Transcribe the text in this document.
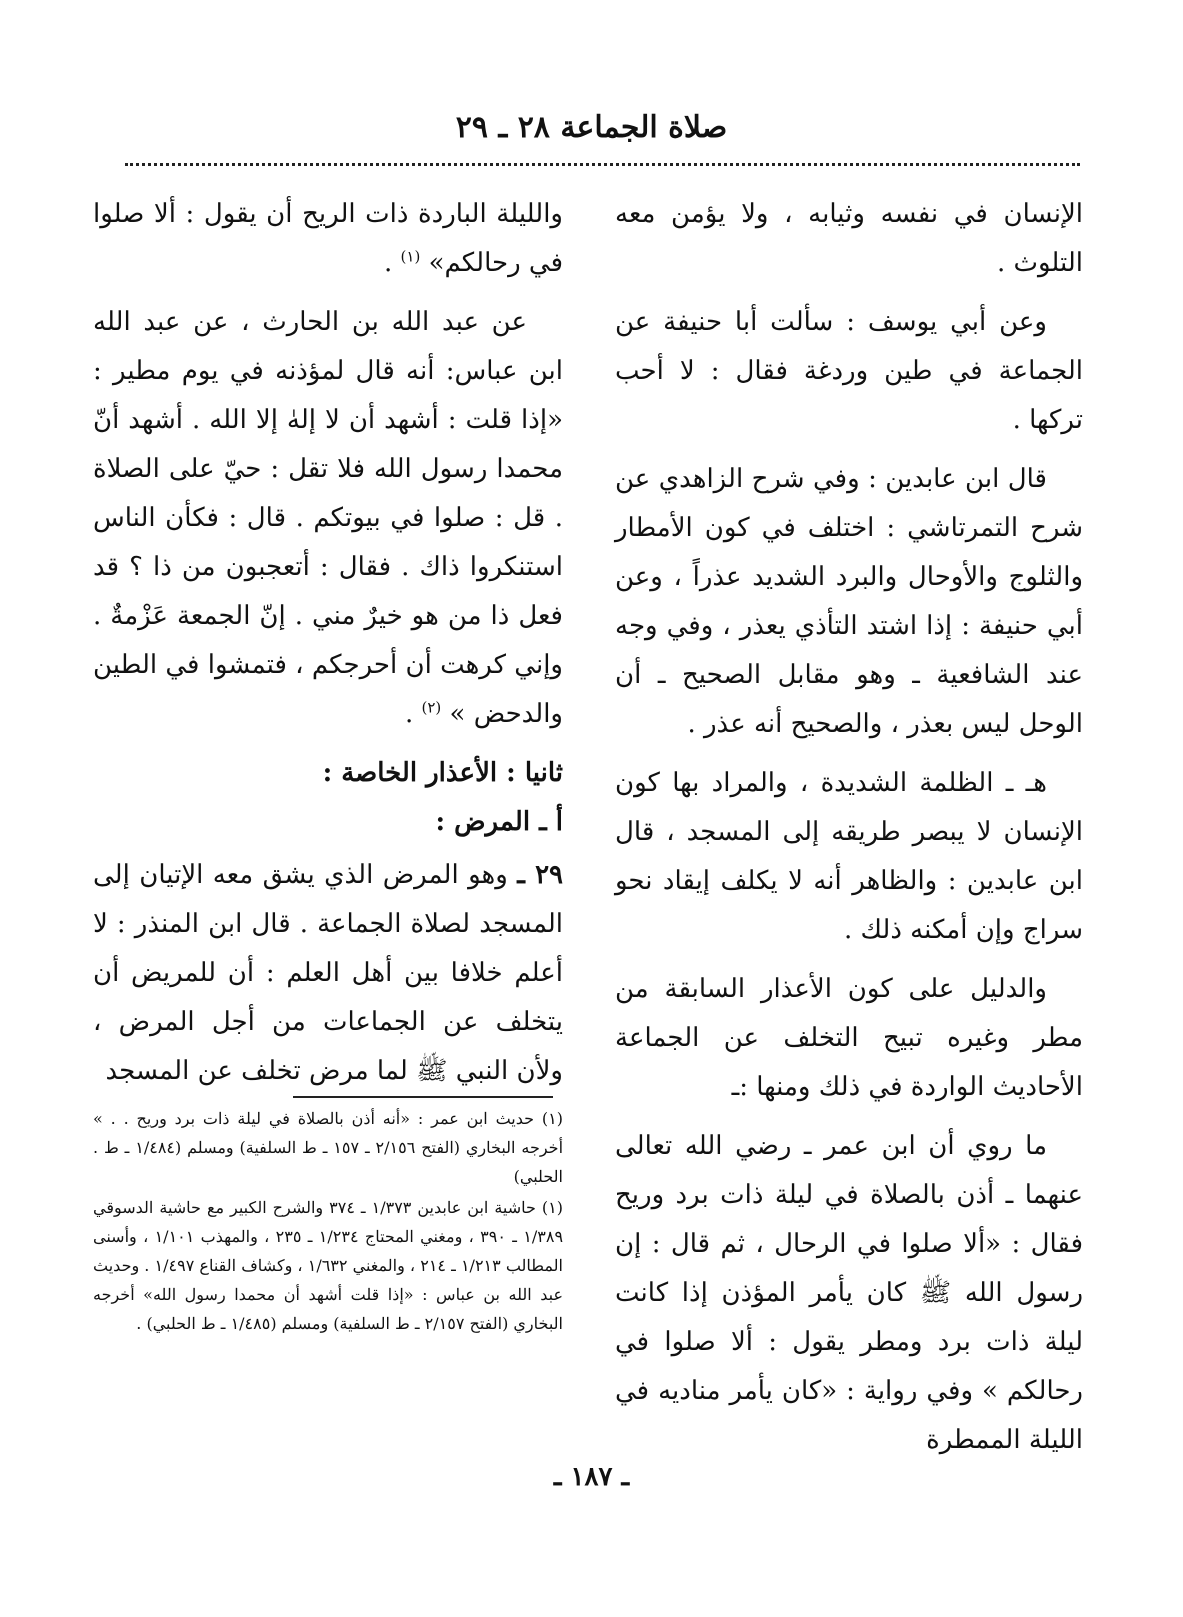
صلاة الجماعة ٢٨ ـ ٢٩

الإنسان في نفسه وثيابه ، ولا يؤمن معه التلوث .

وعن أبي يوسف : سألت أبا حنيفة عن الجماعة في طين وردغة فقال : لا أحب تركها .

قال ابن عابدين : وفي شرح الزاهدي عن شرح التمرتاشي : اختلف في كون الأمطار والثلوج والأوحال والبرد الشديد عذراً ، وعن أبي حنيفة : إذا اشتد التأذي يعذر ، وفي وجه عند الشافعية ـ وهو مقابل الصحيح ـ أن الوحل ليس بعذر ، والصحيح أنه عذر .

هـ ـ الظلمة الشديدة ، والمراد بها كون الإنسان لا يبصر طريقه إلى المسجد ، قال ابن عابدين : والظاهر أنه لا يكلف إيقاد نحو سراج وإن أمكنه ذلك .

والدليل على كون الأعذار السابقة من مطر وغيره تبيح التخلف عن الجماعة الأحاديث الواردة في ذلك ومنها :ـ

ما روي أن ابن عمر ـ رضي الله تعالى عنهما ـ أذن بالصلاة في ليلة ذات برد وريح فقال : «ألا صلوا في الرحال ، ثم قال : إن رسول الله ﷺ كان يأمر المؤذن إذا كانت ليلة ذات برد ومطر يقول : ألا صلوا في رحالكم » وفي رواية : «كان يأمر مناديه في الليلة الممطرة

والليلة الباردة ذات الريح أن يقول : ألا صلوا في رحالكم» $^{(١)}$ .

عن عبد الله بن الحارث ، عن عبد الله ابن عباس: أنه قال لمؤذنه في يوم مطير : «إذا قلت : أشهد أن لا إلهٰ إلا الله . أشهد أنّ محمدا رسول الله فلا تقل : حيّ على الصلاة . قل : صلوا في بيوتكم . قال : فكأن الناس استنكروا ذاك . فقال : أتعجبون من ذا ؟ قد فعل ذا من هو خيرٌ مني . إنّ الجمعة عَزْمةٌ . وإني كرهت أن أحرجكم ، فتمشوا في الطين والدحض » $^{(٢)}$ .

ثانيا : الأعذار الخاصة :

أ ـ المرض :

٢٩ ـ وهو المرض الذي يشق معه الإتيان إلى المسجد لصلاة الجماعة . قال ابن المنذر : لا أعلم خلافا بين أهل العلم : أن للمريض أن يتخلف عن الجماعات من أجل المرض ، ولأن النبي ﷺ لما مرض تخلف عن المسجد

(١) حديث ابن عمر : «أنه أذن بالصلاة في ليلة ذات برد وريح . . » أخرجه البخاري (الفتح ٢/١٥٦ ـ ١٥٧ ـ ط السلفية) ومسلم (١/٤٨٤ ـ ط . الحلبي)

(١) حاشية ابن عابدين ١/٣٧٣ ـ ٣٧٤ والشرح الكبير مع حاشية الدسوقي ١/٣٨٩ ـ ٣٩٠ ، ومغني المحتاج ١/٢٣٤ ـ ٢٣٥ ، والمهذب ١/١٠١ ، وأسنى المطالب ١/٢١٣ ـ ٢١٤ ، والمغني ١/٦٣٢ ، وكشاف القناع ١/٤٩٧ . وحديث عبد الله بن عباس : «إذا قلت أشهد أن محمدا رسول الله» أخرجه البخاري (الفتح ٢/١٥٧ ـ ط السلفية) ومسلم (١/٤٨٥ ـ ط الحلبي) .

ـ ١٨٧ ـ
